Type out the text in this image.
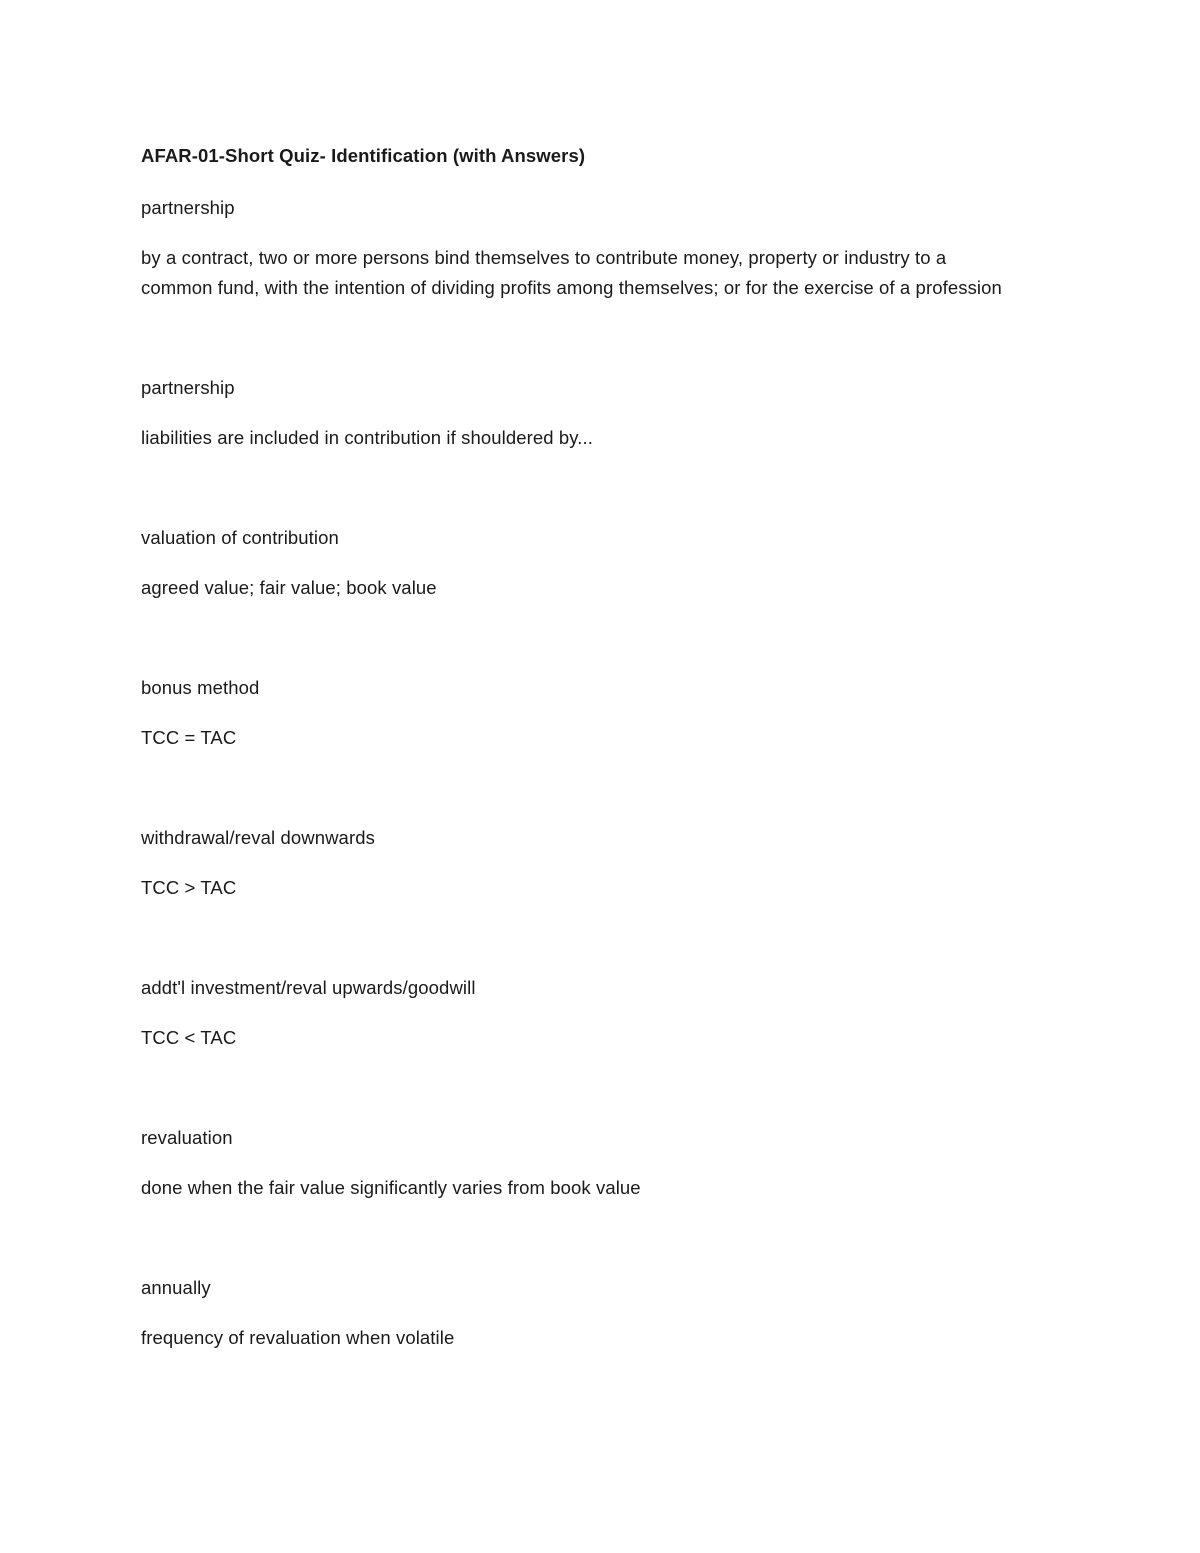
AFAR-01-Short Quiz- Identification (with Answers)

partnership

by a contract, two or more persons bind themselves to contribute money, property or industry to a common fund, with the intention of dividing profits among themselves; or for the exercise of a profession

partnership

liabilities are included in contribution if shouldered by...

valuation of contribution

agreed value; fair value; book value

bonus method

TCC = TAC

withdrawal/reval downwards

TCC > TAC

addt'l investment/reval upwards/goodwill

TCC < TAC

revaluation

done when the fair value significantly varies from book value

annually

frequency of revaluation when volatile
